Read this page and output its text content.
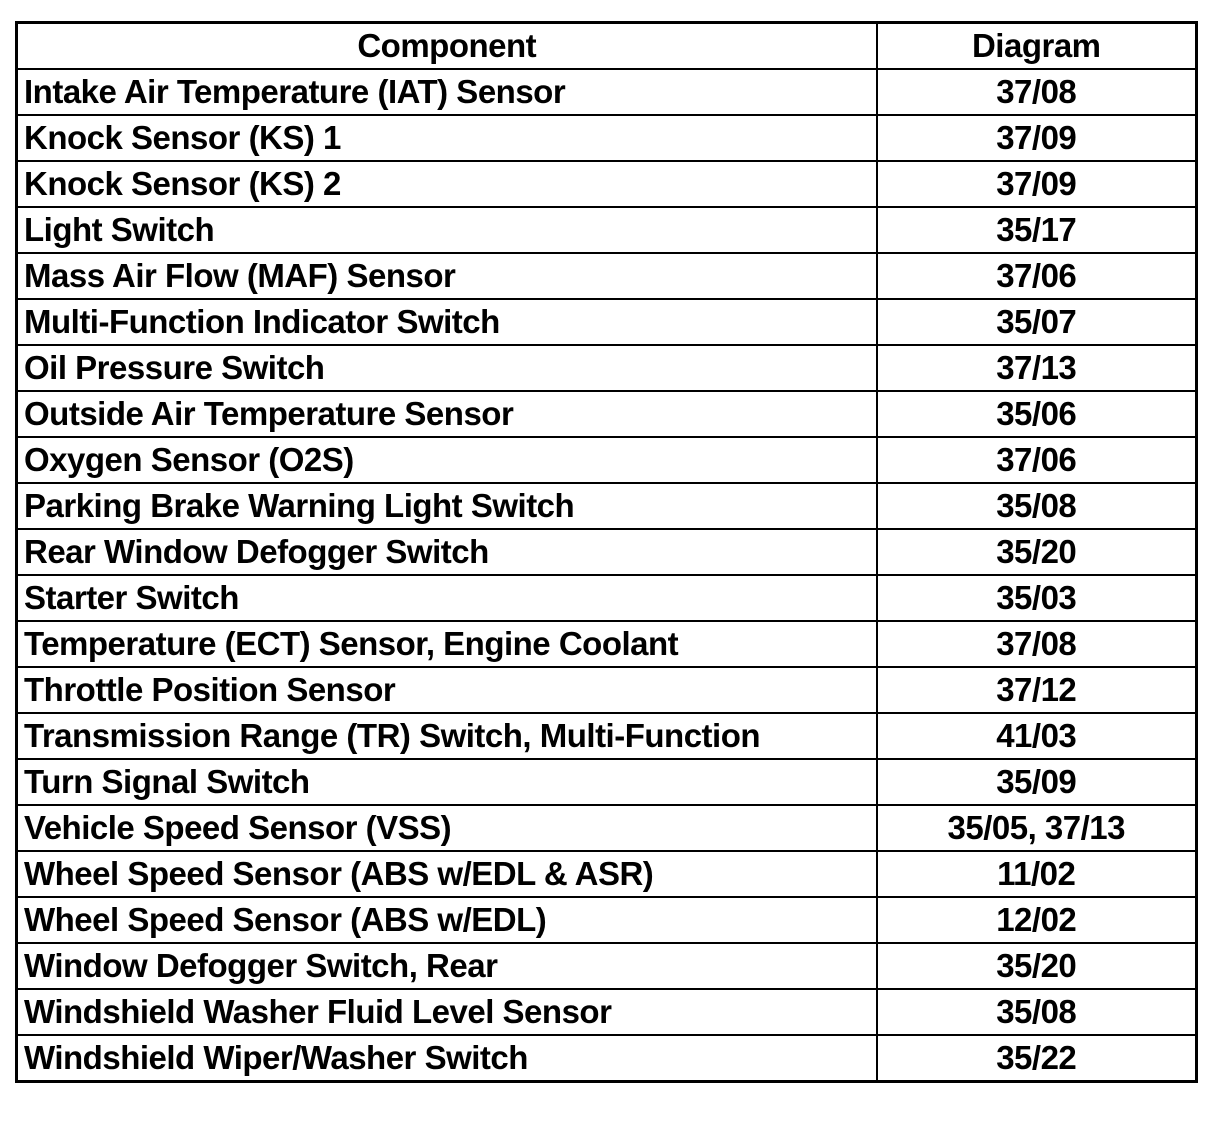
Component	Diagram
Intake Air Temperature (IAT) Sensor	37/08
Knock Sensor (KS) 1	37/09
Knock Sensor (KS) 2	37/09
Light Switch	35/17
Mass Air Flow (MAF) Sensor	37/06
Multi-Function Indicator Switch	35/07
Oil Pressure Switch	37/13
Outside Air Temperature Sensor	35/06
Oxygen Sensor (O2S)	37/06
Parking Brake Warning Light Switch	35/08
Rear Window Defogger Switch	35/20
Starter Switch	35/03
Temperature (ECT) Sensor, Engine Coolant	37/08
Throttle Position Sensor	37/12
Transmission Range (TR) Switch, Multi-Function	41/03
Turn Signal Switch	35/09
Vehicle Speed Sensor (VSS)	35/05, 37/13
Wheel Speed Sensor (ABS w/EDL & ASR)	11/02
Wheel Speed Sensor (ABS w/EDL)	12/02
Window Defogger Switch, Rear	35/20
Windshield Washer Fluid Level Sensor	35/08
Windshield Wiper/Washer Switch	35/22
